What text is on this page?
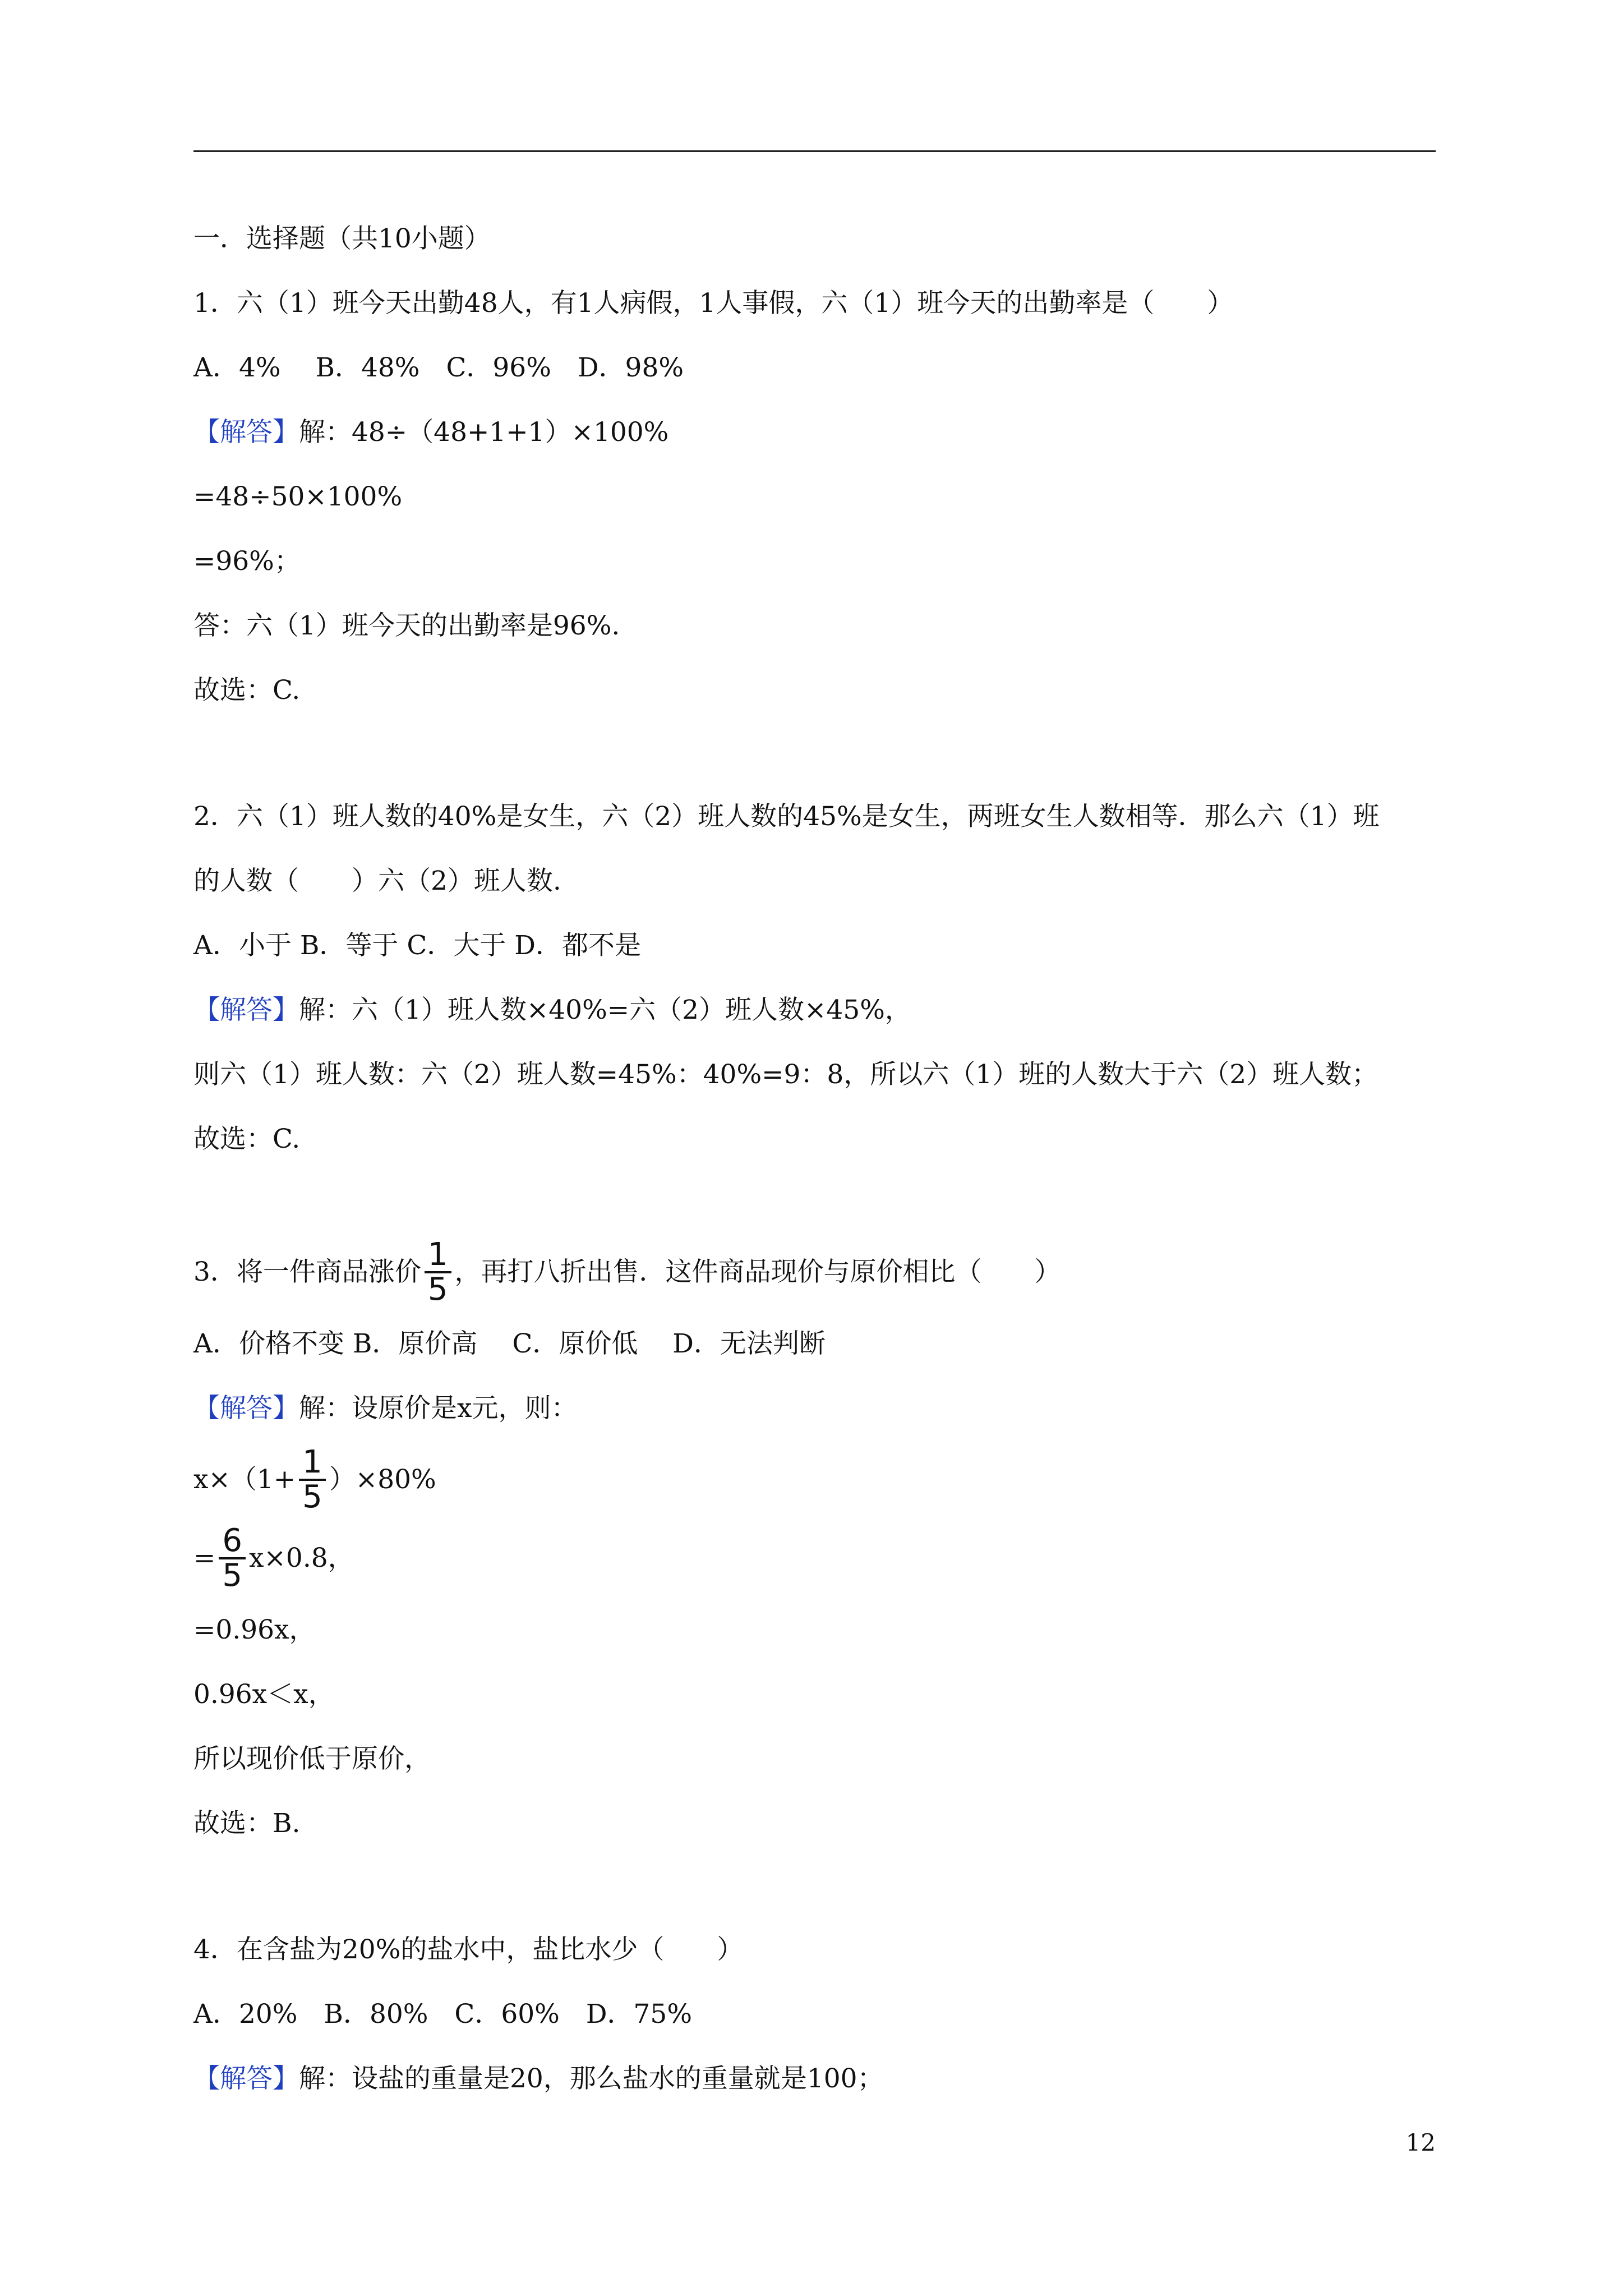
一．选择题（共10小题）
1．六（1）班今天出勤48人，有1人病假，1人事假，六（1）班今天的出勤率是（　　）
A．4%　 B．48%　C．96%　D．98%
【解答】 解：48÷（48+1+1）×100%
=48÷50×100%
=96%；
答：六（1）班今天的出勤率是96%.
故选：C.
2．六（1）班人数的40%是女生，六（2）班人数的45%是女生，两班女生人数相等．那么六（1）班
的人数（　　）六（2）班人数.
A．小于 B．等于 C．大于 D．都不是
【解答】 解：六（1）班人数×40%=六（2）班人数×45%，
则六（1）班人数：六（2）班人数=45%：40%=9：8，所以六（1）班的人数大于六（2）班人数；
故选：C.
3．将一件商品涨价 $\frac{1}{5}$ ，再打八折出售．这件商品现价与原价相比（　　）
A．价格不变 B．原价高　 C．原价低　 D．无法判断
【解答】 解：设原价是x元，则：
$x\times(1+ \frac{1}{5} )\times 80\%$
= $\frac{6}{5} x\times 0.8$，
=0.96x，
0.96x＜x，
所以现价低于原价，
故选：B.
4．在含盐为20%的盐水中，盐比水少（　　）
A．20%　B．80%　C．60%　D．75%
【解答】 解：设盐的重量是20，那么盐水的重量就是100；
12
